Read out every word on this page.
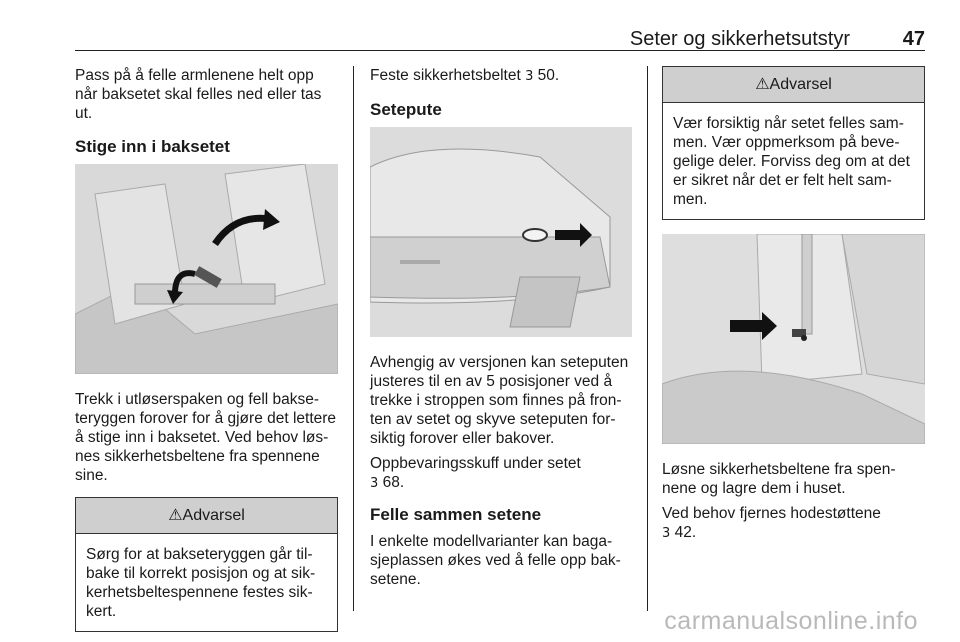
Seter og sikkerhetsutstyr	47

Pass på å felle armlenene helt opp når baksetet skal felles ned eller tas ut.

Stige inn i baksetet

Trekk i utløserspaken og fell bakse-teryggen forover for å gjøre det lettere å stige inn i baksetet. Ved behov løs-nes sikkerhetsbeltene fra spennene sine.

⚠Advarsel
Sørg for at bakseteryggen går til-bake til korrekt posisjon og at sik-kerhetsbeltespennene festes sik-kert.

Feste sikkerhetsbeltet 3 50.

Setepute

Avhengig av versjonen kan seteputen justeres til en av 5 posisjoner ved å trekke i stroppen som finnes på fron-ten av setet og skyve seteputen for-siktig forover eller bakover.

Oppbevaringsskuff under setet
3 68.

Felle sammen setene

I enkelte modellvarianter kan baga-sjeplassen økes ved å felle opp bak-setene.

⚠Advarsel
Vær forsiktig når setet felles sam-men. Vær oppmerksom på beve-gelige deler. Forviss deg om at det er sikret når det er felt helt sam-men.

Løsne sikkerhetsbeltene fra spen-nene og lagre dem i huset.

Ved behov fjernes hodestøttene
3 42.

carmanualsonline.info
